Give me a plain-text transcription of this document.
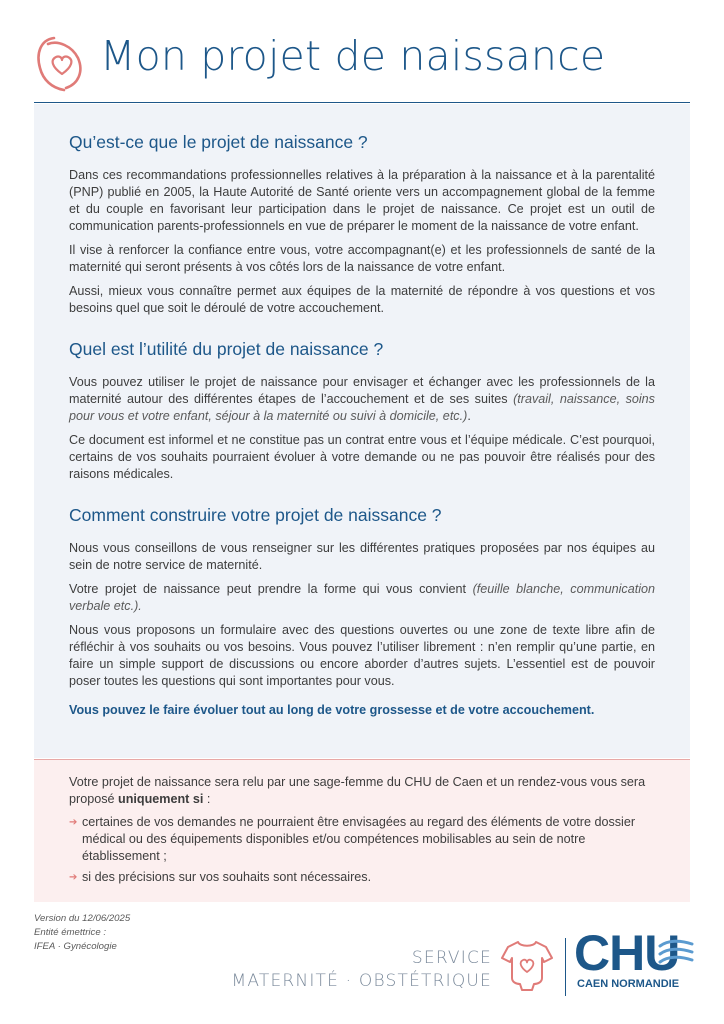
Mon projet de naissance
Qu’est-ce que le projet de naissance ?

Dans ces recommandations professionnelles relatives à la préparation à la naissance et à la parentalité (PNP) publié en 2005, la Haute Autorité de Santé oriente vers un accompagnement global de la femme et du couple en favorisant leur participation dans le projet de naissance. Ce projet est un outil de communication parents-professionnels en vue de préparer le moment de la naissance de votre enfant.

Il vise à renforcer la confiance entre vous, votre accompagnant(e) et les professionnels de santé de la maternité qui seront présents à vos côtés lors de la naissance de votre enfant.

Aussi, mieux vous connaître permet aux équipes de la maternité de répondre à vos questions et vos besoins quel que soit le déroulé de votre accouchement.

Quel est l’utilité du projet de naissance ?

Vous pouvez utiliser le projet de naissance pour envisager et échanger avec les professionnels de la maternité autour des différentes étapes de l’accouchement et de ses suites (travail, naissance, soins pour vous et votre enfant, séjour à la maternité ou suivi à domicile, etc.).

Ce document est informel et ne constitue pas un contrat entre vous et l’équipe médicale. C’est pourquoi, certains de vos souhaits pourraient évoluer à votre demande ou ne pas pouvoir être réalisés pour des raisons médicales.

Comment construire votre projet de naissance ?

Nous vous conseillons de vous renseigner sur les différentes pratiques proposées par nos équipes au sein de notre service de maternité.

Votre projet de naissance peut prendre la forme qui vous convient (feuille blanche, communication verbale etc.).

Nous vous proposons un formulaire avec des questions ouvertes ou une zone de texte libre afin de réfléchir à vos souhaits ou vos besoins. Vous pouvez l’utiliser librement : n’en remplir qu’une partie, en faire un simple support de discussions ou encore aborder d’autres sujets. L’essentiel est de pouvoir poser toutes les questions qui sont importantes pour vous.

Vous pouvez le faire évoluer tout au long de votre grossesse et de votre accouchement.

Votre projet de naissance sera relu par une sage-femme du CHU de Caen et un rendez-vous vous sera proposé uniquement si :

➔ certaines de vos demandes ne pourraient être envisagées au regard des éléments de votre dossier médical ou des équipements disponibles et/ou compétences mobilisables au sein de notre établissement ;
➔ si des précisions sur vos souhaits sont nécessaires.
Version du 12/06/2025
Entité émettrice :
IFEA · Gynécologie
SERVICE
MATERNITÉ · OBSTÉTRIQUE CHU
CAEN NORMANDIE
